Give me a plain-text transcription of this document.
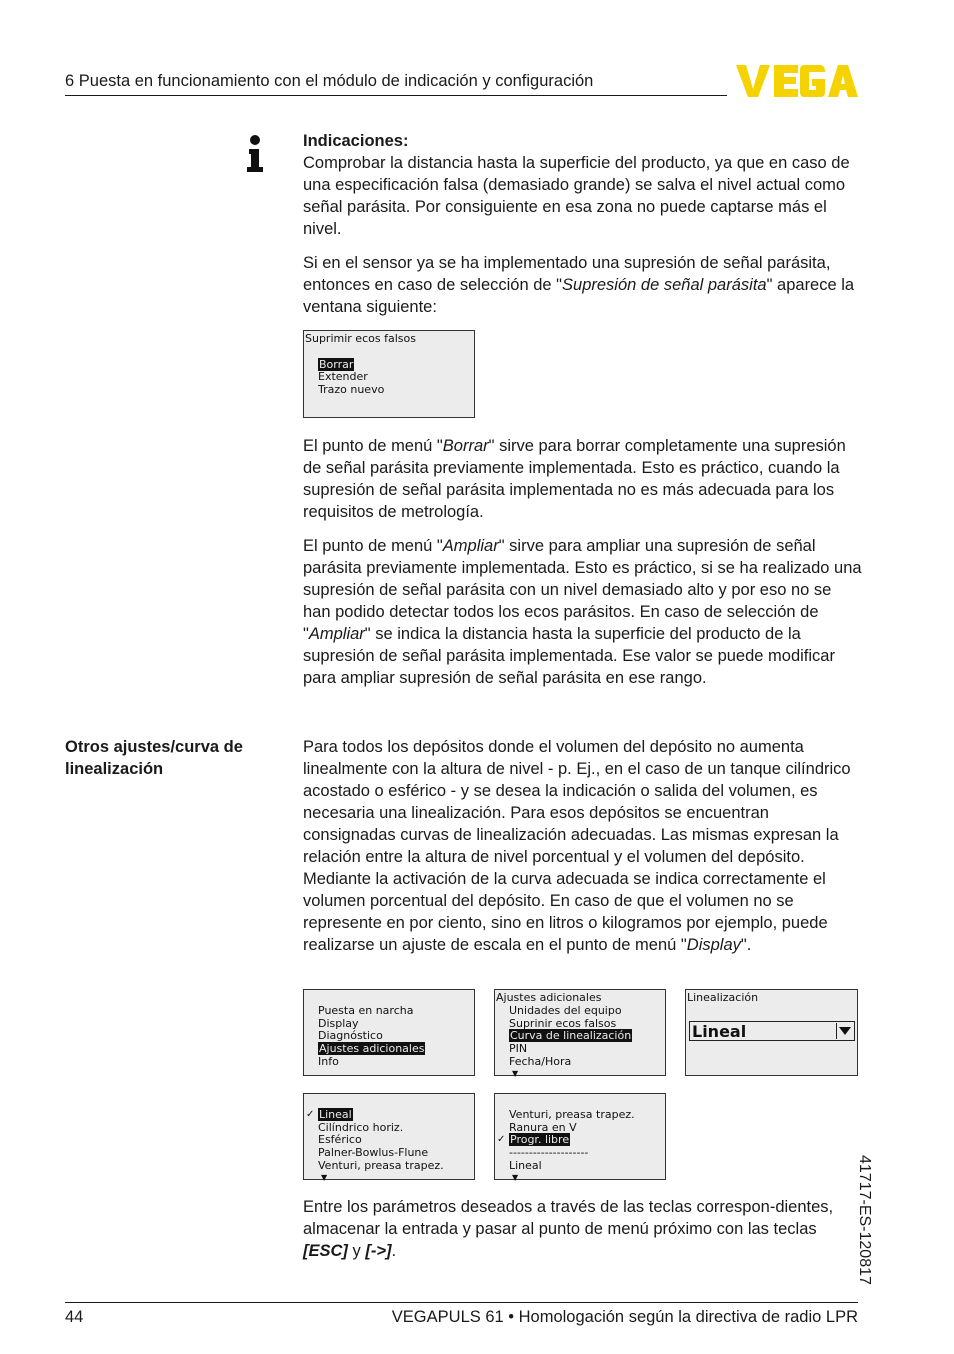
6 Puesta en funcionamiento con el módulo de indicación y configuración

Indicaciones:

Comprobar la distancia hasta la superficie del producto, ya que en caso de una especificación falsa (demasiado grande) se salva el nivel actual como señal parásita. Por consiguiente en esa zona no puede captarse más el nivel.

Si en el sensor ya se ha implementado una supresión de señal parásita, entonces en caso de selección de "Supresión de señal parásita" aparece la ventana siguiente:

Suprimir ecos falsos
Borrar
Extender
Trazo nuevo

El punto de menú "Borrar" sirve para borrar completamente una supresión de señal parásita previamente implementada. Esto es práctico, cuando la supresión de señal parásita implementada no es más adecuada para los requisitos de metrología.

El punto de menú "Ampliar" sirve para ampliar una supresión de señal parásita previamente implementada. Esto es práctico, si se ha realizado una supresión de señal parásita con un nivel demasiado alto y por eso no se han podido detectar todos los ecos parásitos. En caso de selección de "Ampliar" se indica la distancia hasta la superficie del producto de la supresión de señal parásita implementada. Ese valor se puede modificar para ampliar supresión de señal parásita en ese rango.

Otros ajustes/curva de linealización

Para todos los depósitos donde el volumen del depósito no aumenta linealmente con la altura de nivel - p. Ej., en el caso de un tanque cilíndrico acostado o esférico - y se desea la indicación o salida del volumen, es necesaria una linealización. Para esos depósitos se encuentran consignadas curvas de linealización adecuadas. Las mismas expresan la relación entre la altura de nivel porcentual y el volumen del depósito. Mediante la activación de la curva adecuada se indica correctamente el volumen porcentual del depósito. En caso de que el volumen no se represente en por ciento, sino en litros o kilogramos por ejemplo, puede realizarse un ajuste de escala en el punto de menú "Display".

Puesta en narcha
Display
Diagnóstico
Ajustes adicionales
Info
Ajustes adicionales
Unidades del equipo
Suprinir ecos falsos
Curva de linealización
PIN
Fecha/Hora
▼
Linealización
Lineal
✓ Lineal
Cilíndrico horiz.
Esférico
Palner-Bowlus-Flune
Venturi, preasa trapez.
▼
Venturi, preasa trapez.
Ranura en V
✓ Progr. libre
--------------------
Lineal
▼

Entre los parámetros deseados a través de las teclas correspon-dientes, almacenar la entrada y pasar al punto de menú próximo con las teclas [ESC] y [->].	41717-ES-120817
44	VEGAPULS 61 • Homologación según la directiva de radio LPR
